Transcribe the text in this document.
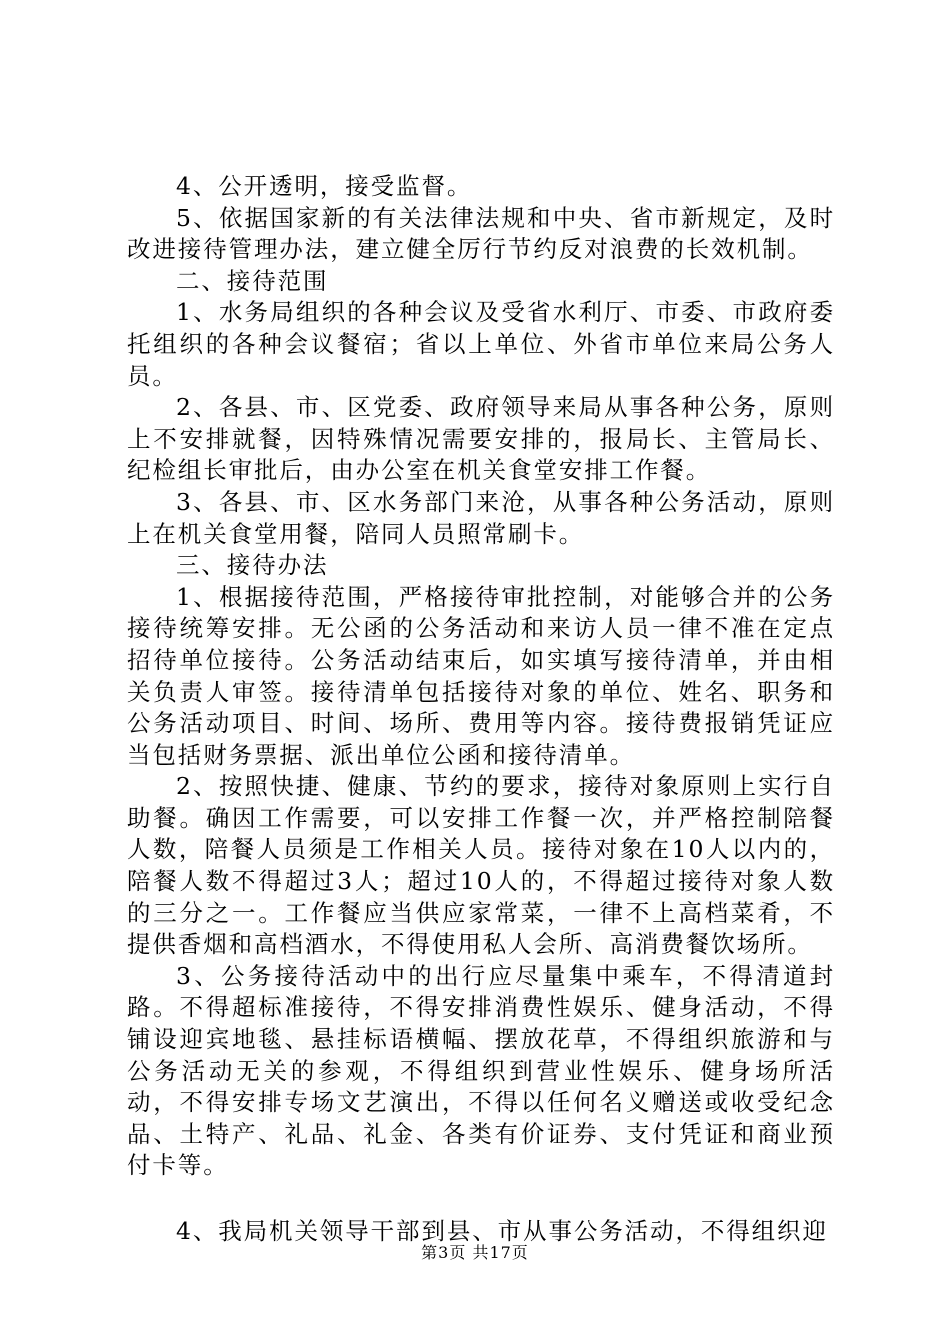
4、公开透明，接受监督。

5、依据国家新的有关法律法规和中央、省市新规定，及时改进接待管理办法，建立健全厉行节约反对浪费的长效机制。

二、接待范围

1、水务局组织的各种会议及受省水利厅、市委、市政府委托组织的各种会议餐宿；省以上单位、外省市单位来局公务人员。

2、各县、市、区党委、政府领导来局从事各种公务，原则上不安排就餐，因特殊情况需要安排的，报局长、主管局长、纪检组长审批后，由办公室在机关食堂安排工作餐。

3、各县、市、区水务部门来沧，从事各种公务活动，原则上在机关食堂用餐，陪同人员照常刷卡。

三、接待办法

1、根据接待范围，严格接待审批控制，对能够合并的公务接待统筹安排。无公函的公务活动和来访人员一律不准在定点招待单位接待。公务活动结束后，如实填写接待清单，并由相关负责人审签。接待清单包括接待对象的单位、姓名、职务和公务活动项目、时间、场所、费用等内容。接待费报销凭证应当包括财务票据、派出单位公函和接待清单。

2、按照快捷、健康、节约的要求，接待对象原则上实行自助餐。确因工作需要，可以安排工作餐一次，并严格控制陪餐人数，陪餐人员须是工作相关人员。接待对象在10人以内的，陪餐人数不得超过3人；超过10人的，不得超过接待对象人数的三分之一。工作餐应当供应家常菜，一律不上高档菜肴，不提供香烟和高档酒水，不得使用私人会所、高消费餐饮场所。

3、公务接待活动中的出行应尽量集中乘车，不得清道封路。不得超标准接待，不得安排消费性娱乐、健身活动，不得铺设迎宾地毯、悬挂标语横幅、摆放花草，不得组织旅游和与公务活动无关的参观，不得组织到营业性娱乐、健身场所活动，不得安排专场文艺演出，不得以任何名义赠送或收受纪念品、土特产、礼品、礼金、各类有价证券、支付凭证和商业预付卡等。

4、我局机关领导干部到县、市从事公务活动，不得组织迎

第3页 共17页
